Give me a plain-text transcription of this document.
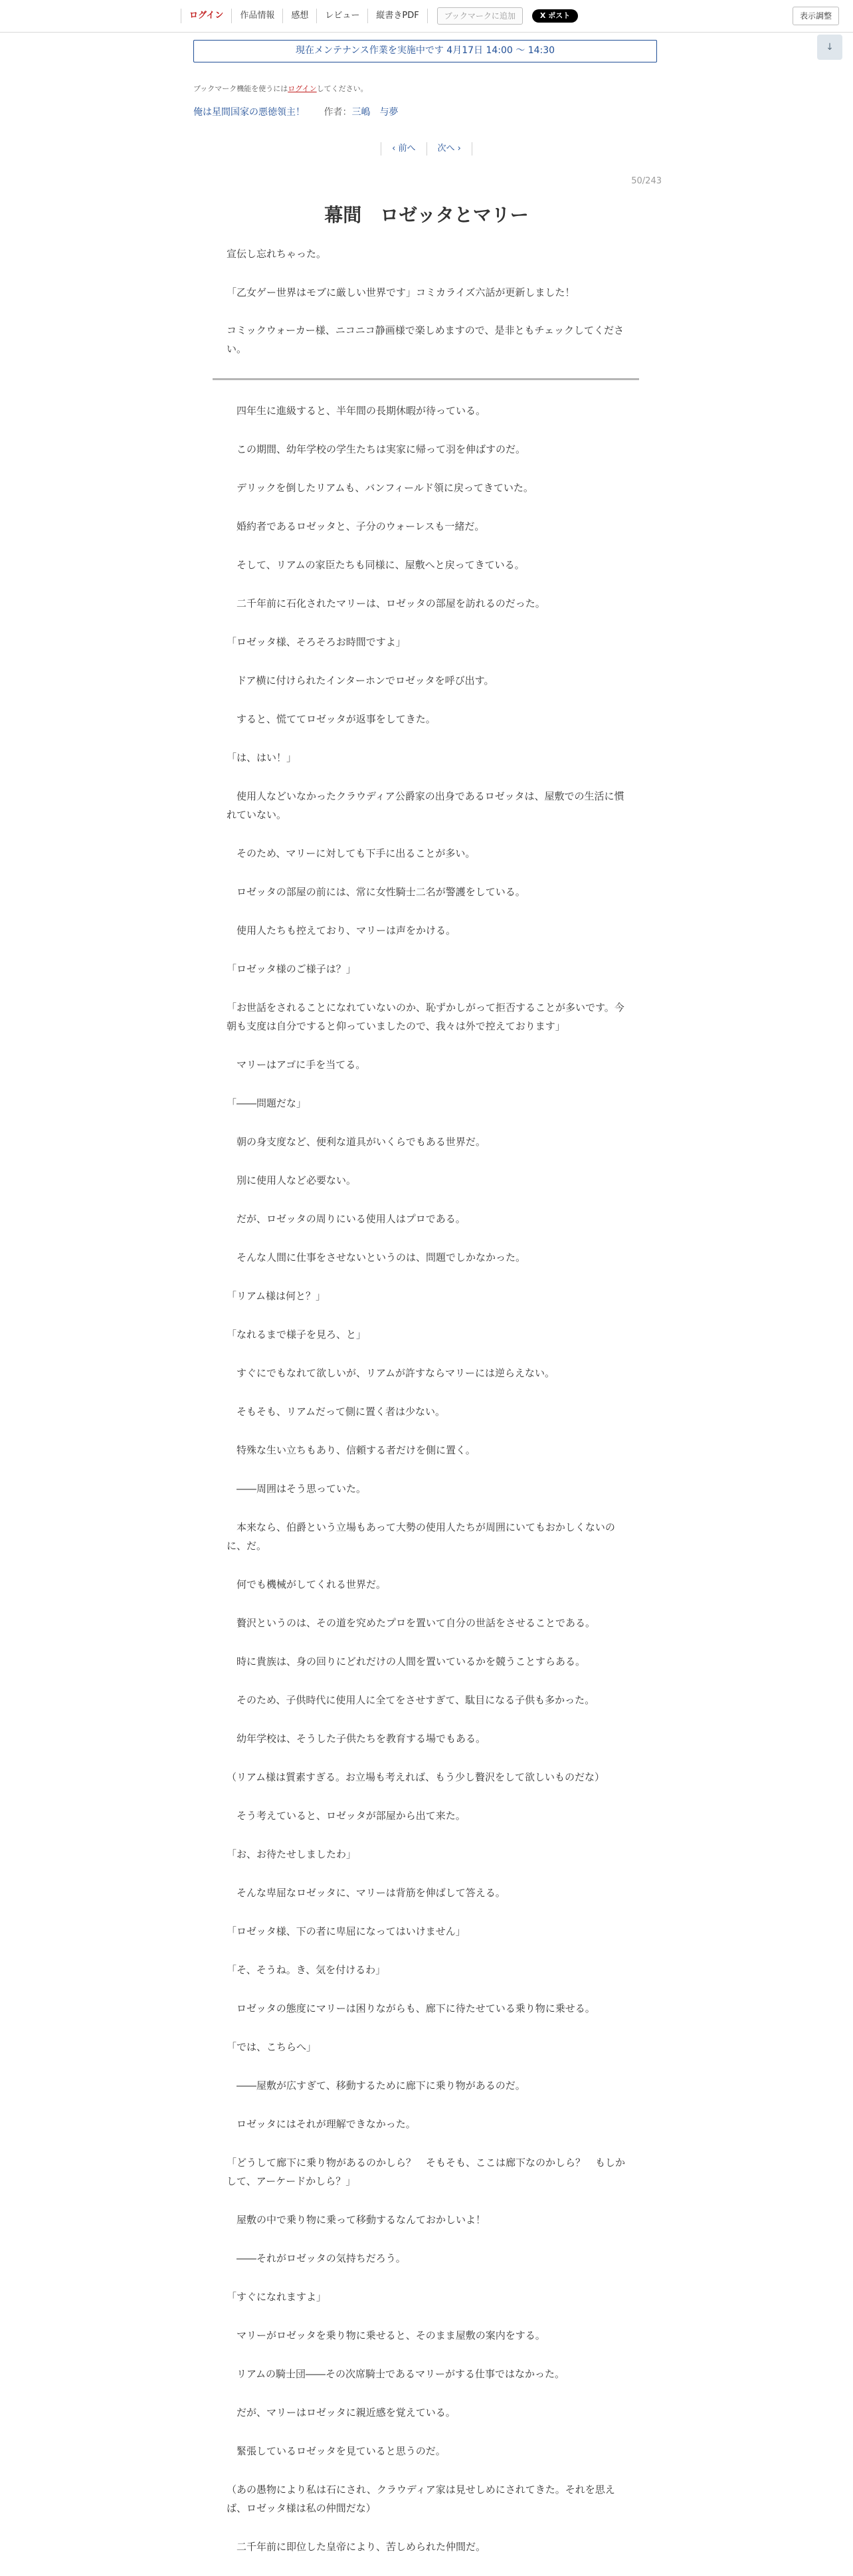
ログイン	作品情報	感想	レビュー	縦書きPDF	ブックマークに追加	X ポスト	表示調整
↓
現在メンテナンス作業を実施中です 4月17日 14:00 〜 14:30
ブックマーク機能を使うにはログインしてください。
俺は星間国家の悪徳領主！ 作者：三嶋　与夢
‹ 前へ	次へ ›
50/243
幕間　ロゼッタとマリー
宣伝し忘れちゃった。
「乙女ゲー世界はモブに厳しい世界です」コミカライズ六話が更新しました！
コミックウォーカー様、ニコニコ静画様で楽しめますので、是非ともチェックしてください。
　四年生に進級すると、半年間の長期休暇が待っている。
　この期間、幼年学校の学生たちは実家に帰って羽を伸ばすのだ。
　デリックを倒したリアムも、バンフィールド領に戻ってきていた。
　婚約者であるロゼッタと、子分のウォーレスも一緒だ。
　そして、リアムの家臣たちも同様に、屋敷へと戻ってきている。
　二千年前に石化されたマリーは、ロゼッタの部屋を訪れるのだった。
「ロゼッタ様、そろそろお時間ですよ」
　ドア横に付けられたインターホンでロゼッタを呼び出す。
　すると、慌ててロゼッタが返事をしてきた。
「は、はい！」
　使用人などいなかったクラウディア公爵家の出身であるロゼッタは、屋敷での生活に慣れていない。
　そのため、マリーに対しても下手に出ることが多い。
　ロゼッタの部屋の前には、常に女性騎士二名が警護をしている。
　使用人たちも控えており、マリーは声をかける。
「ロゼッタ様のご様子は？」
「お世話をされることになれていないのか、恥ずかしがって拒否することが多いです。今朝も支度は自分ですると仰っていましたので、我々は外で控えております」
　マリーはアゴに手を当てる。
「――問題だな」
　朝の身支度など、便利な道具がいくらでもある世界だ。
　別に使用人など必要ない。
　だが、ロゼッタの周りにいる使用人はプロである。
　そんな人間に仕事をさせないというのは、問題でしかなかった。
「リアム様は何と？」
「なれるまで様子を見ろ、と」
　すぐにでもなれて欲しいが、リアムが許すならマリーには逆らえない。
　そもそも、リアムだって側に置く者は少ない。
　特殊な生い立ちもあり、信頼する者だけを側に置く。
　――周囲はそう思っていた。
　本来なら、伯爵という立場もあって大勢の使用人たちが周囲にいてもおかしくないのに、だ。
　何でも機械がしてくれる世界だ。
　贅沢というのは、その道を究めたプロを置いて自分の世話をさせることである。
　時に貴族は、身の回りにどれだけの人間を置いているかを競うことすらある。
　そのため、子供時代に使用人に全てをさせすぎて、駄目になる子供も多かった。
　幼年学校は、そうした子供たちを教育する場でもある。
（リアム様は質素すぎる。お立場も考えれば、もう少し贅沢をして欲しいものだな）
　そう考えていると、ロゼッタが部屋から出て来た。
「お、お待たせしましたわ」
　そんな卑屈なロゼッタに、マリーは背筋を伸ばして答える。
「ロゼッタ様、下の者に卑屈になってはいけません」
「そ、そうね。き、気を付けるわ」
　ロゼッタの態度にマリーは困りながらも、廊下に待たせている乗り物に乗せる。
「では、こちらへ」
　――屋敷が広すぎて、移動するために廊下に乗り物があるのだ。
　ロゼッタにはそれが理解できなかった。
「どうして廊下に乗り物があるのかしら？　そもそも、ここは廊下なのかしら？　もしかして、アーケードかしら？」
　屋敷の中で乗り物に乗って移動するなんておかしいよ！
　――それがロゼッタの気持ちだろう。
「すぐになれますよ」
　マリーがロゼッタを乗り物に乗せると、そのまま屋敷の案内をする。
　リアムの騎士団――その次席騎士であるマリーがする仕事ではなかった。
　だが、マリーはロゼッタに親近感を覚えている。
　緊張しているロゼッタを見ていると思うのだ。
（あの愚物により私は石にされ、クラウディア家は見せしめにされてきた。それを思えば、ロゼッタ様は私の仲間だな）
　二千年前に即位した皇帝により、苦しめられた仲間だ。
